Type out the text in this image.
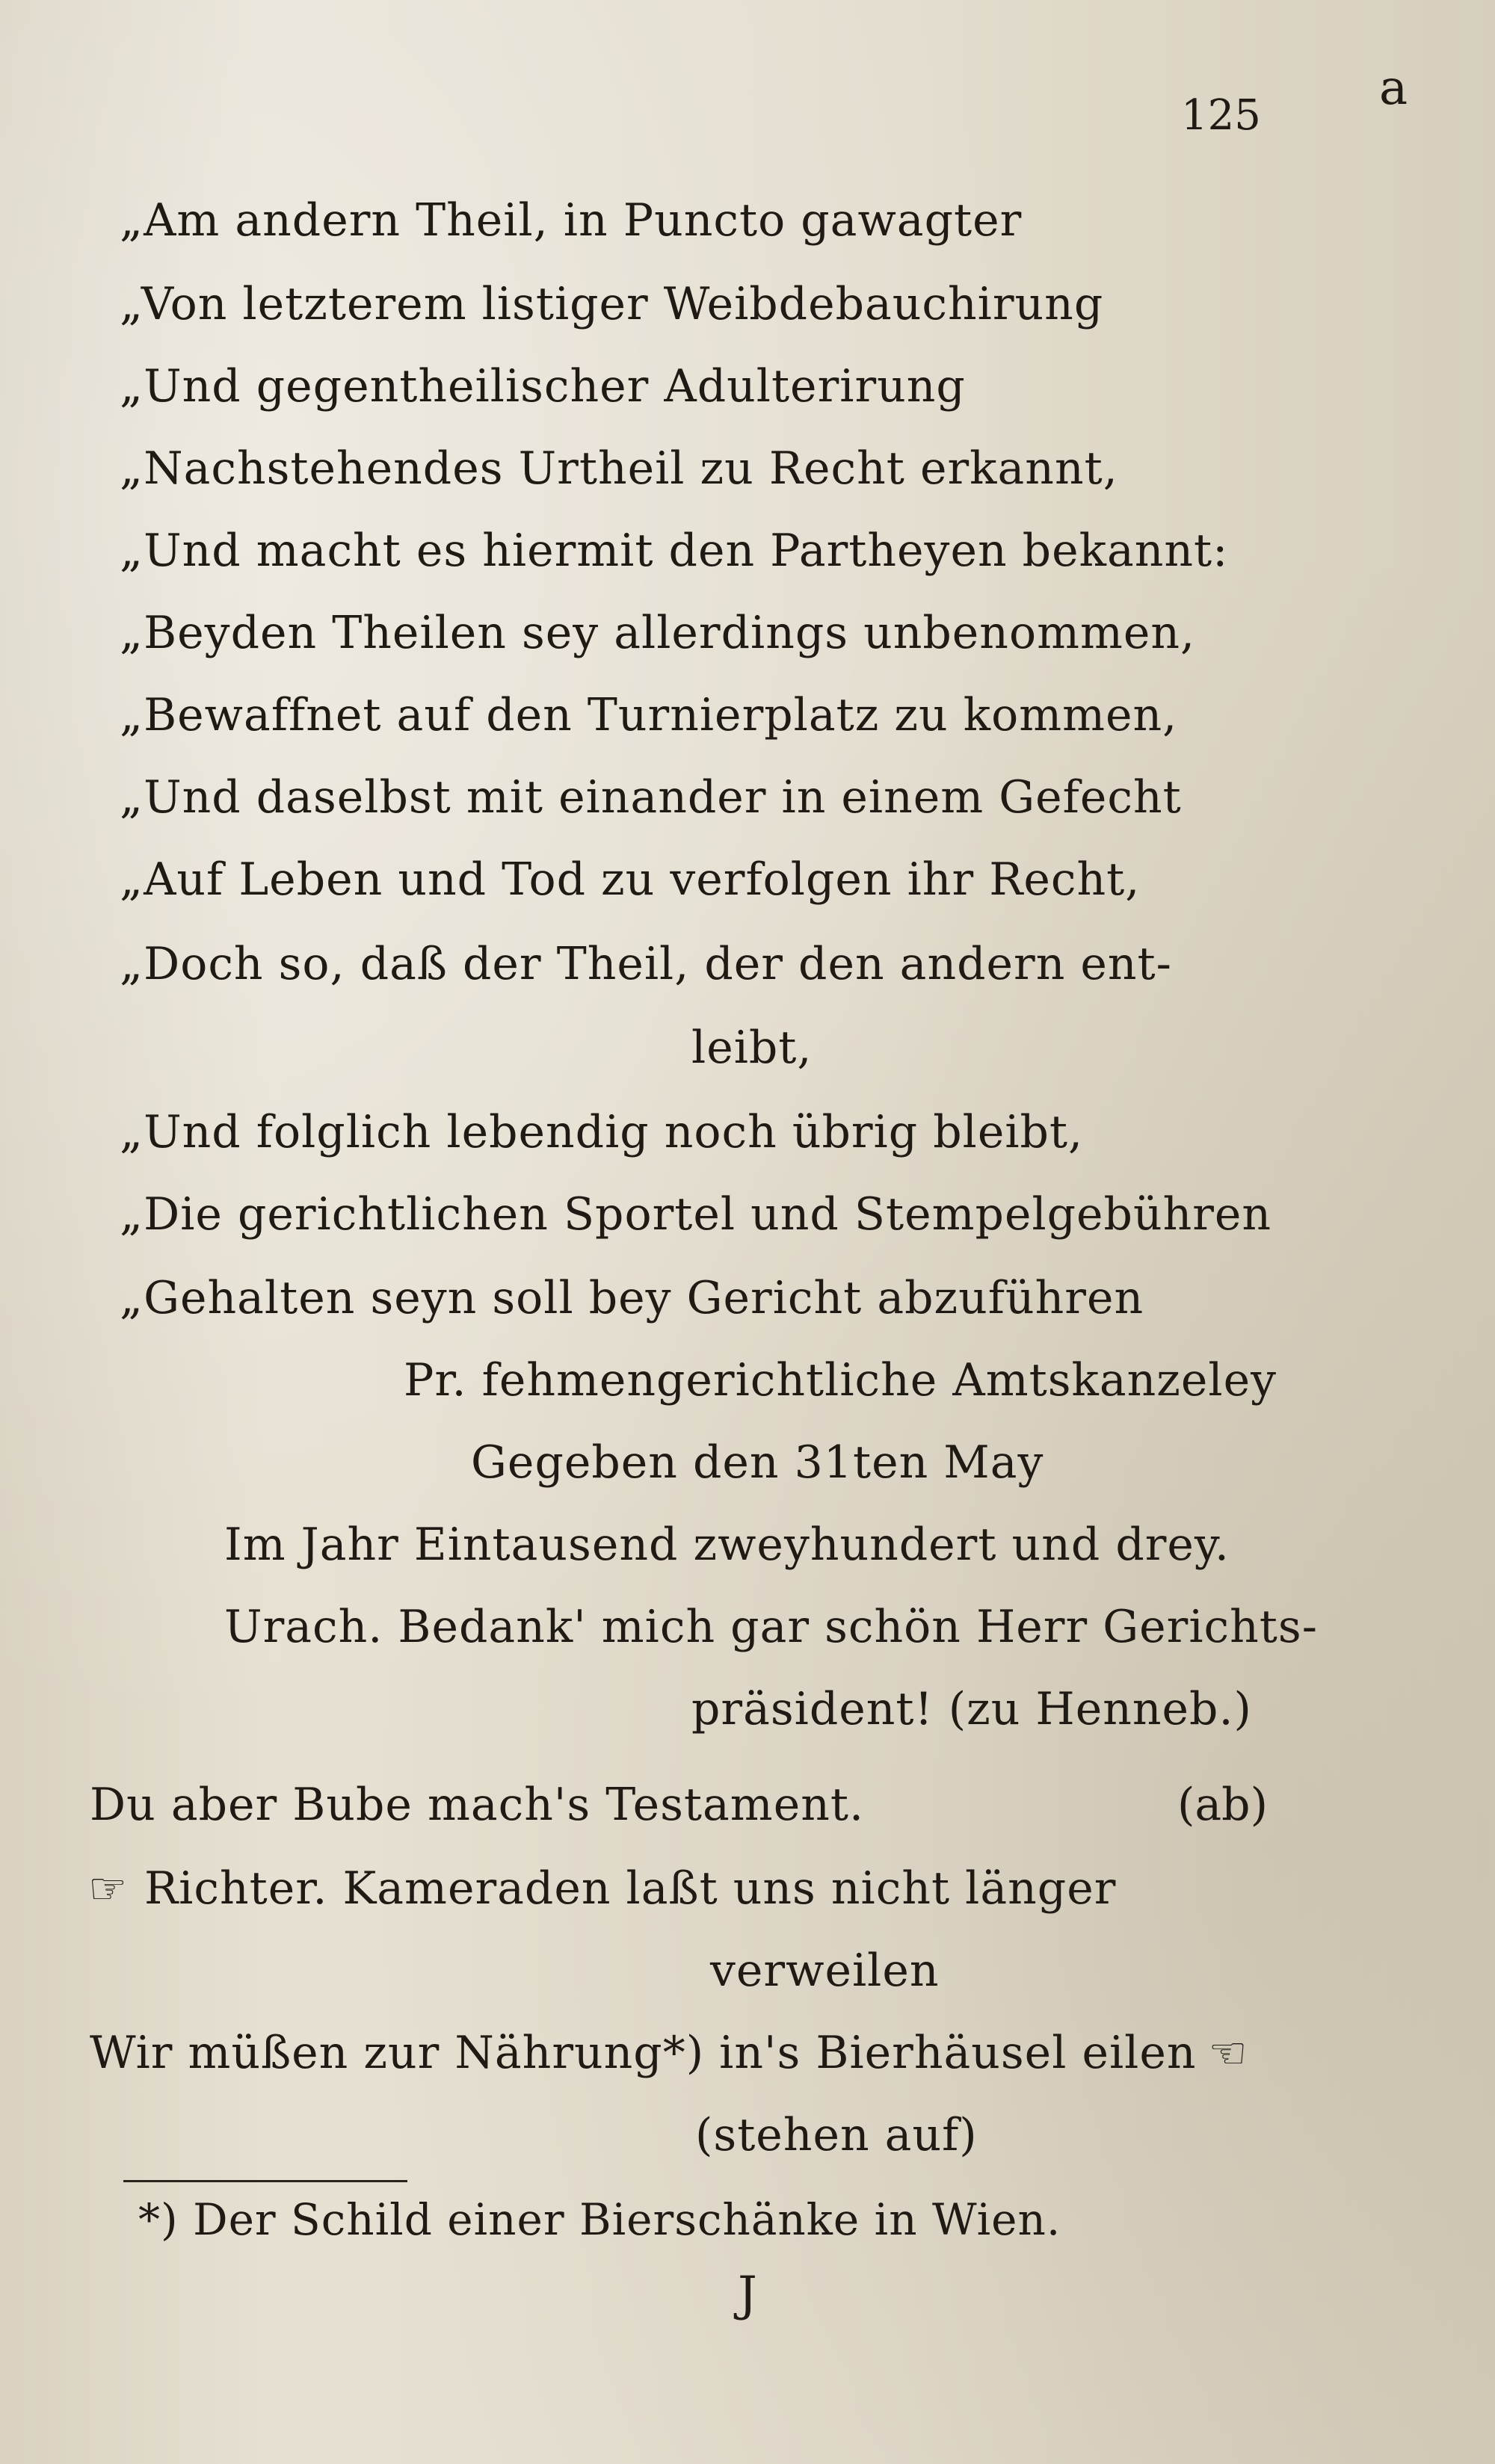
a
125
„Am andern Theil, in Puncto gawagter
„Von letzterem listiger Weibdebauchirung
„Und gegentheilischer Adulterirung
„Nachstehendes Urtheil zu Recht erkannt,
„Und macht es hiermit den Partheyen bekannt:
„Beyden Theilen sey allerdings unbenommen,
„Bewaffnet auf den Turnierplatz zu kommen,
„Und daselbst mit einander in einem Gefecht
„Auf Leben und Tod zu verfolgen ihr Recht,
„Doch so, daß der Theil, der den andern ent-
leibt,
„Und folglich lebendig noch übrig bleibt,
„Die gerichtlichen Sportel und Stempelgebühren
„Gehalten seyn soll bey Gericht abzuführen
Pr. fehmengerichtliche Amtskanzeley
Gegeben den 31ten May
Im Jahr Eintausend zweyhundert und drey.
Urach. Bedank' mich gar schön Herr Gerichts-
präsident! (zu Henneb.)
Du aber Bube mach's Testament.	(ab)
☞ Richter. Kameraden laßt uns nicht länger
verweilen
Wir müßen zur Nährung*) in's Bierhäusel eilen ☜
(stehen auf)
*) Der Schild einer Bierschänke in Wien.
J
